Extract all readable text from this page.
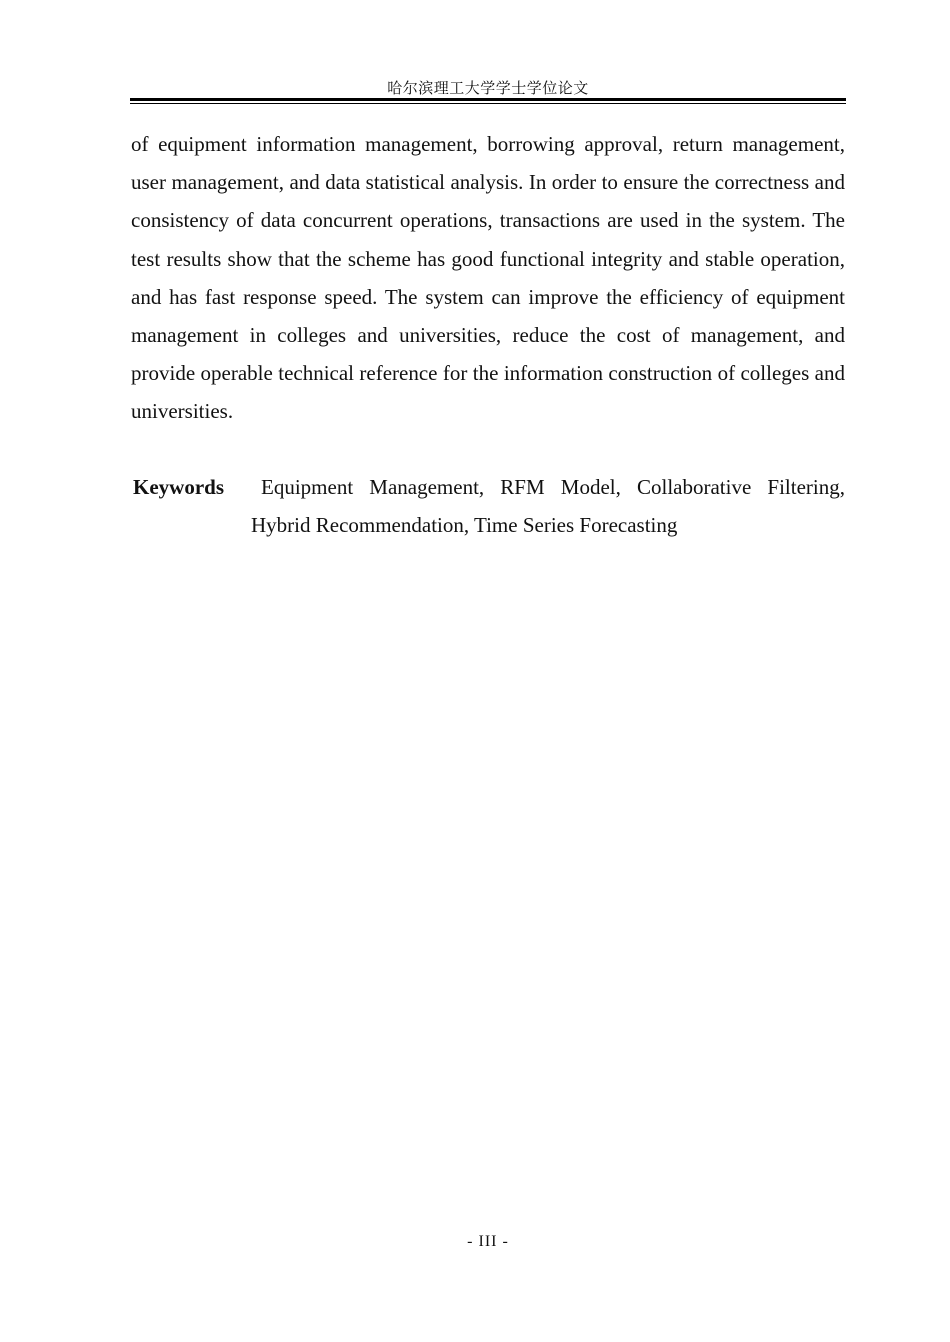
哈尔滨理工大学学士学位论文

of equipment information management, borrowing approval, return management, user management, and data statistical analysis. In order to ensure the correctness and consistency of data concurrent operations, transactions are used in the system. The test results show that the scheme has good functional integrity and stable operation, and has fast response speed. The system can improve the efficiency of equipment management in colleges and universities, reduce the cost of management, and provide operable technical reference for the information construction of colleges and universities.

Keywords	Equipment Management, RFM Model, Collaborative Filtering, Hybrid Recommendation, Time Series Forecasting
- III -
